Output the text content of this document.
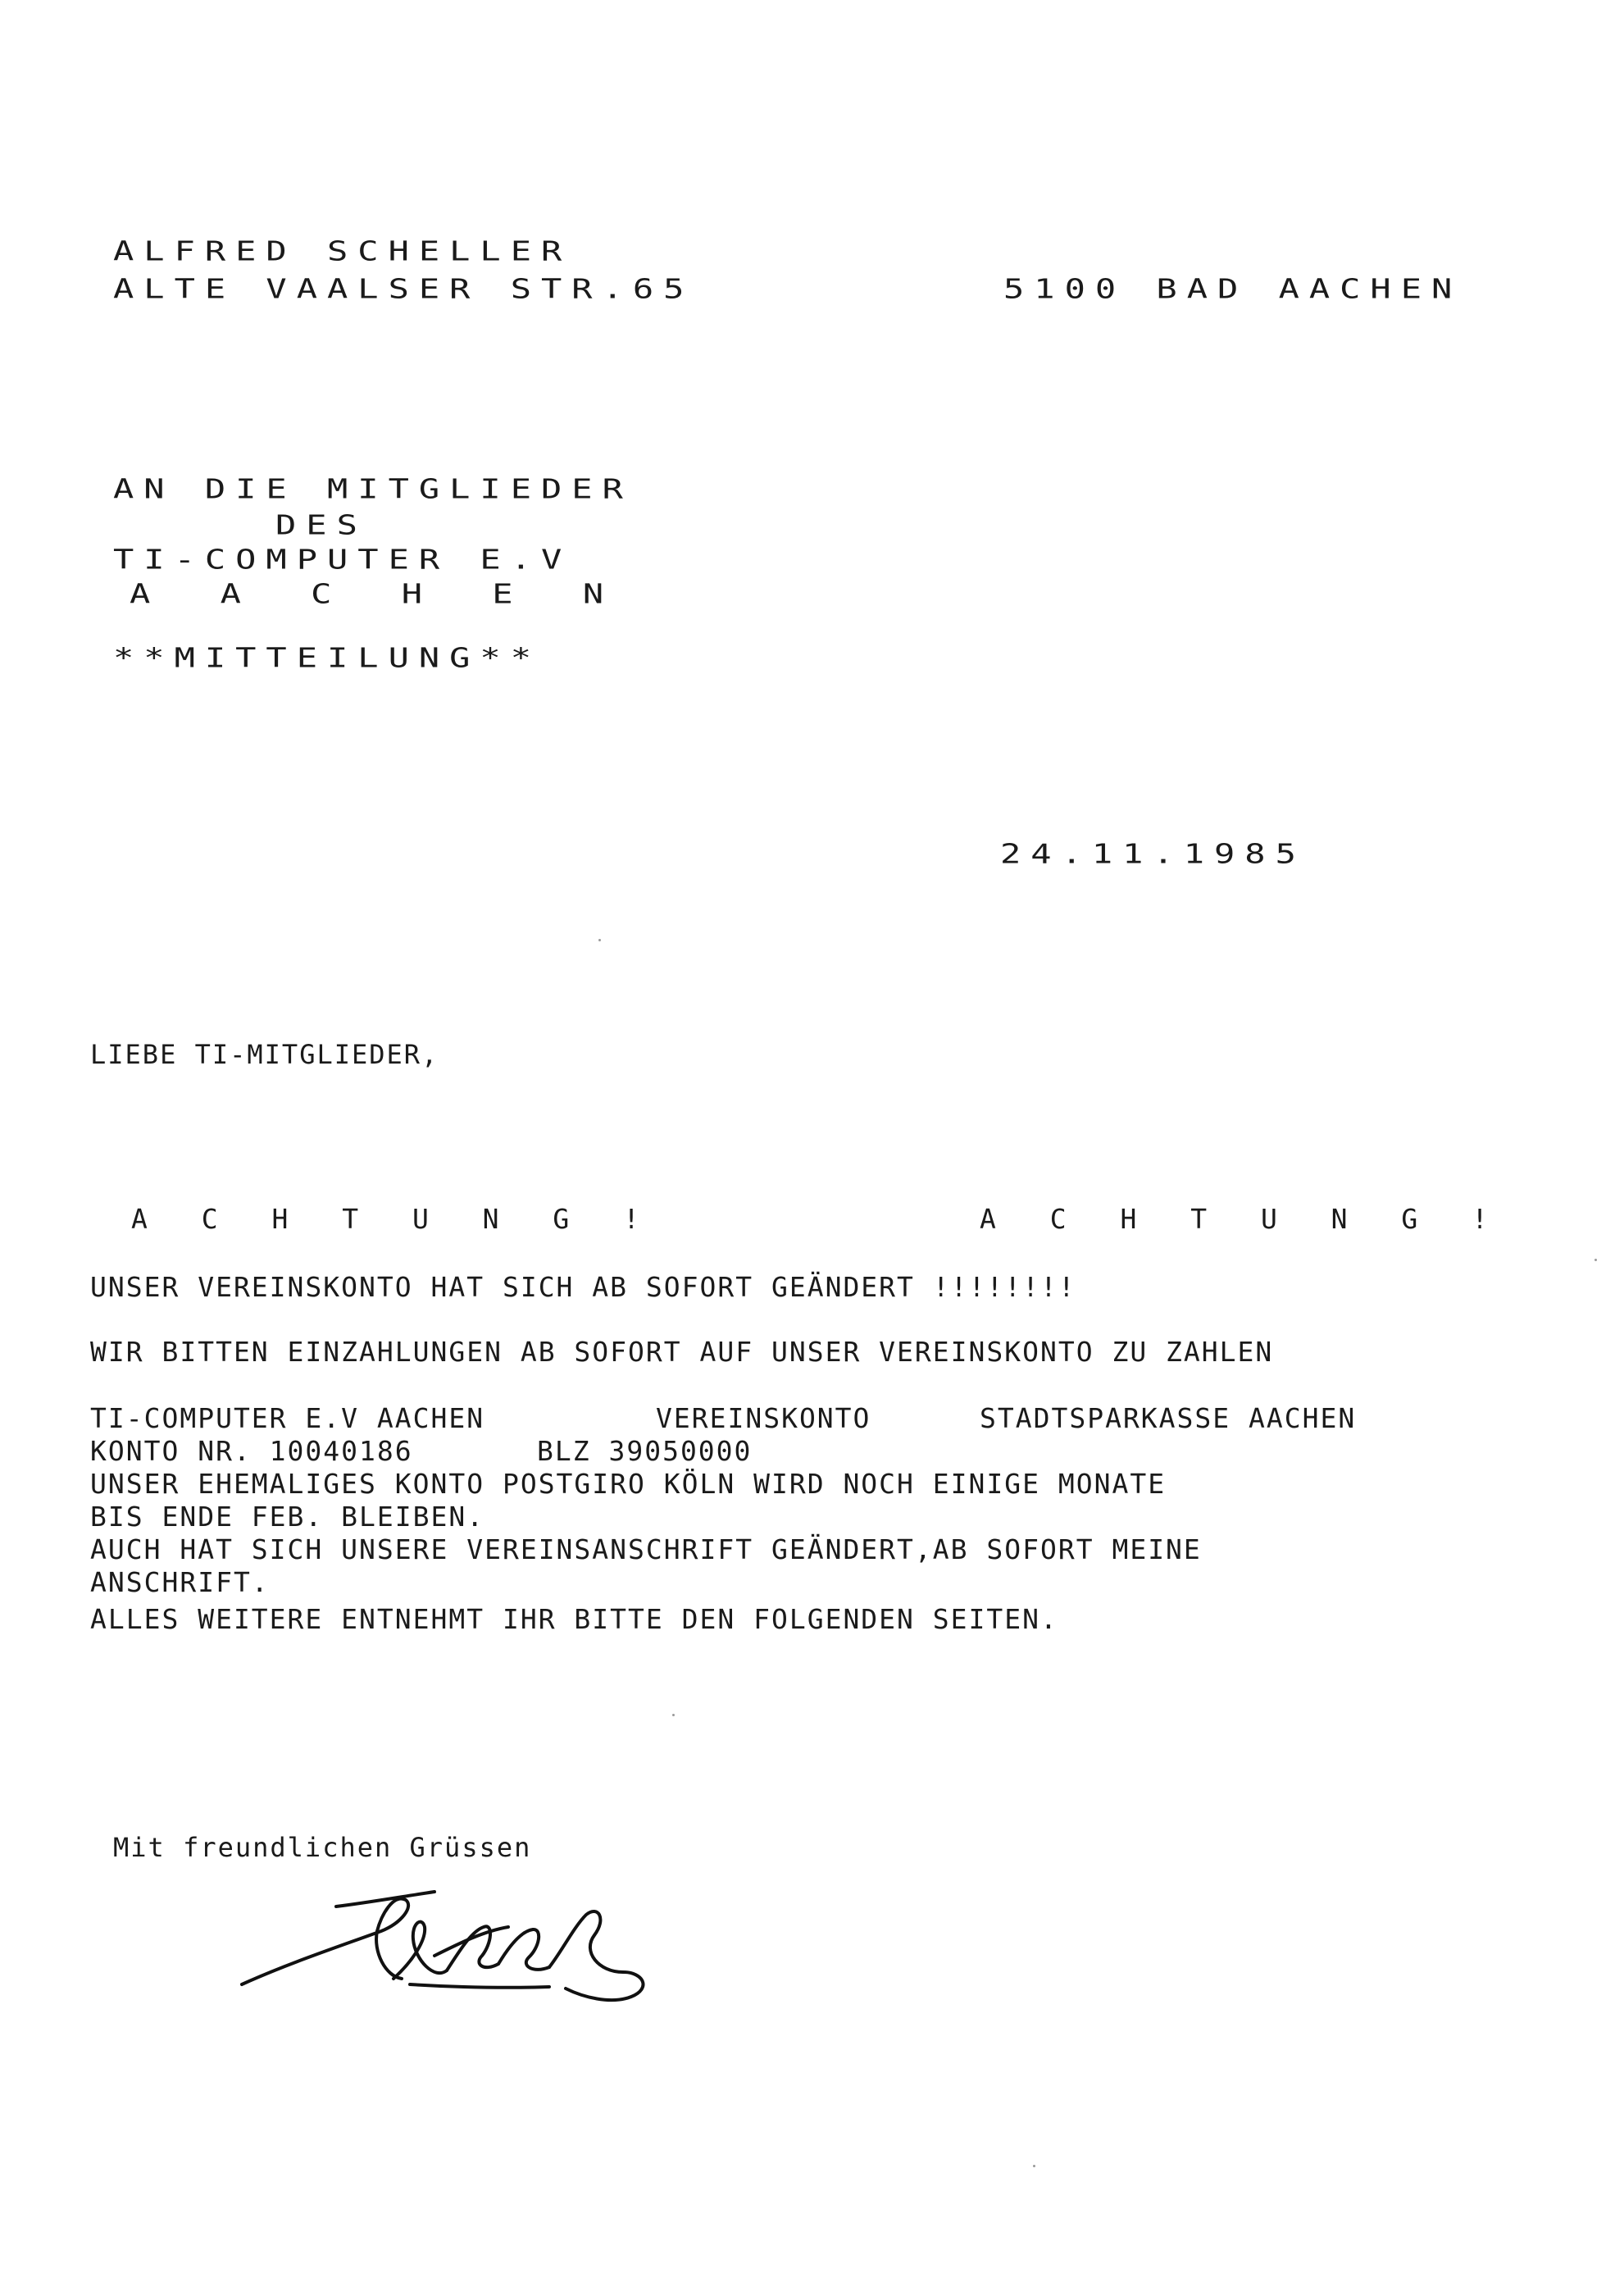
ALFRED SCHELLER
ALTE VAALSER STR.65	5100 BAD AACHEN
AN DIE MITGLIEDER
DES
TI-COMPUTER E.V
A A C H E N
**MITTEILUNG**
24.11.1985
LIEBE TI-MITGLIEDER,
A C H T U N G !	A C H T U N G !
UNSER VEREINSKONTO HAT SICH AB SOFORT GEÄNDERT !!!!!!!!
WIR BITTEN EINZAHLUNGEN AB SOFORT AUF UNSER VEREINSKONTO ZU ZAHLEN
TI-COMPUTER E.V AACHEN	VEREINSKONTO	STADTSPARKASSE AACHEN
KONTO NR. 10040186	BLZ 39050000
UNSER EHEMALIGES KONTO POSTGIRO KÖLN WIRD NOCH EINIGE MONATE
BIS ENDE FEB. BLEIBEN.
AUCH HAT SICH UNSERE VEREINSANSCHRIFT GEÄNDERT,AB SOFORT MEINE
ANSCHRIFT.
ALLES WEITERE ENTNEHMT IHR BITTE DEN FOLGENDEN SEITEN.
Mit freundlichen Grüssen
